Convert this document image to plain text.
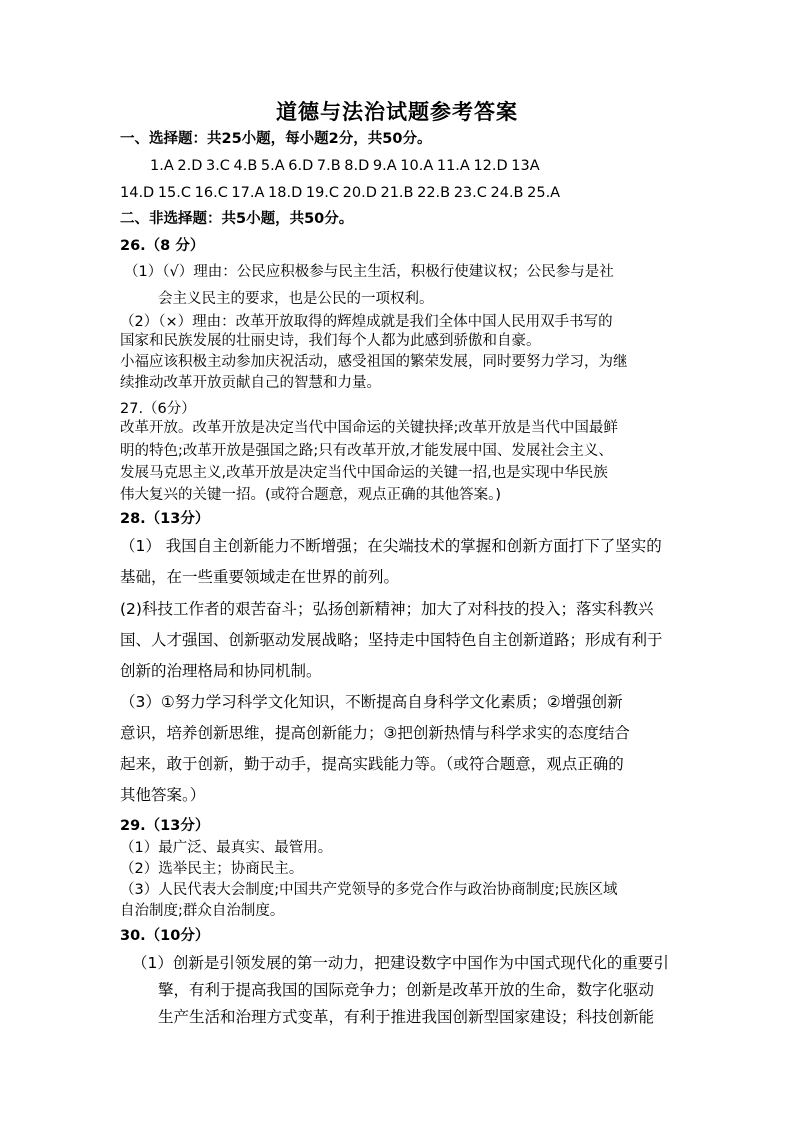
道德与法治试题参考答案
一、选择题：共25小题，每小题2分，共50分。
1.A 2.D 3.C 4.B 5.A 6.D 7.B 8.D 9.A 10.A 11.A 12.D 13A
14.D 15.C 16.C 17.A 18.D 19.C 20.D 21.B 22.B 23.C 24.B 25.A
二、非选择题：共5小题，共50分。
26.（8 分）
（1）（√）理由：公民应积极参与民主生活，积极行使建议权；公民参与是社
会主义民主的要求，也是公民的一项权利。
（2）（×）理由：改革开放取得的辉煌成就是我们全体中国人民用双手书写的
国家和民族发展的壮丽史诗，我们每个人都为此感到骄傲和自豪。
小福应该积极主动参加庆祝活动，感受祖国的繁荣发展，同时要努力学习，为继
续推动改革开放贡献自己的智慧和力量。
27.（6分）
改革开放。改革开放是决定当代中国命运的关键抉择;改革开放是当代中国最鲜
明的特色;改革开放是强国之路;只有改革开放,才能发展中国、发展社会主义、
发展马克思主义,改革开放是决定当代中国命运的关键一招,也是实现中华民族
伟大复兴的关键一招。(或符合题意，观点正确的其他答案。)
28.（13分）
（1） 我国自主创新能力不断增强；在尖端技术的掌握和创新方面打下了坚实的
基础，在一些重要领域走在世界的前列。
(2)科技工作者的艰苦奋斗；弘扬创新精神；加大了对科技的投入；落实科教兴
国、人才强国、创新驱动发展战略；坚持走中国特色自主创新道路；形成有利于
创新的治理格局和协同机制。
（3）①努力学习科学文化知识，不断提高自身科学文化素质；②增强创新
意识，培养创新思维，提高创新能力；③把创新热情与科学求实的态度结合
起来，敢于创新，勤于动手，提高实践能力等。（或符合题意，观点正确的
其他答案。）
29.（13分）
（1）最广泛、最真实、最管用。
（2）选举民主；协商民主。
（3）人民代表大会制度;中国共产党领导的多党合作与政治协商制度;民族区域
自治制度;群众自治制度。
30.（10分）
（1）创新是引领发展的第一动力，把建设数字中国作为中国式现代化的重要引
擎，有利于提高我国的国际竞争力；创新是改革开放的生命，数字化驱动
生产生活和治理方式变革，有利于推进我国创新型国家建设；科技创新能
